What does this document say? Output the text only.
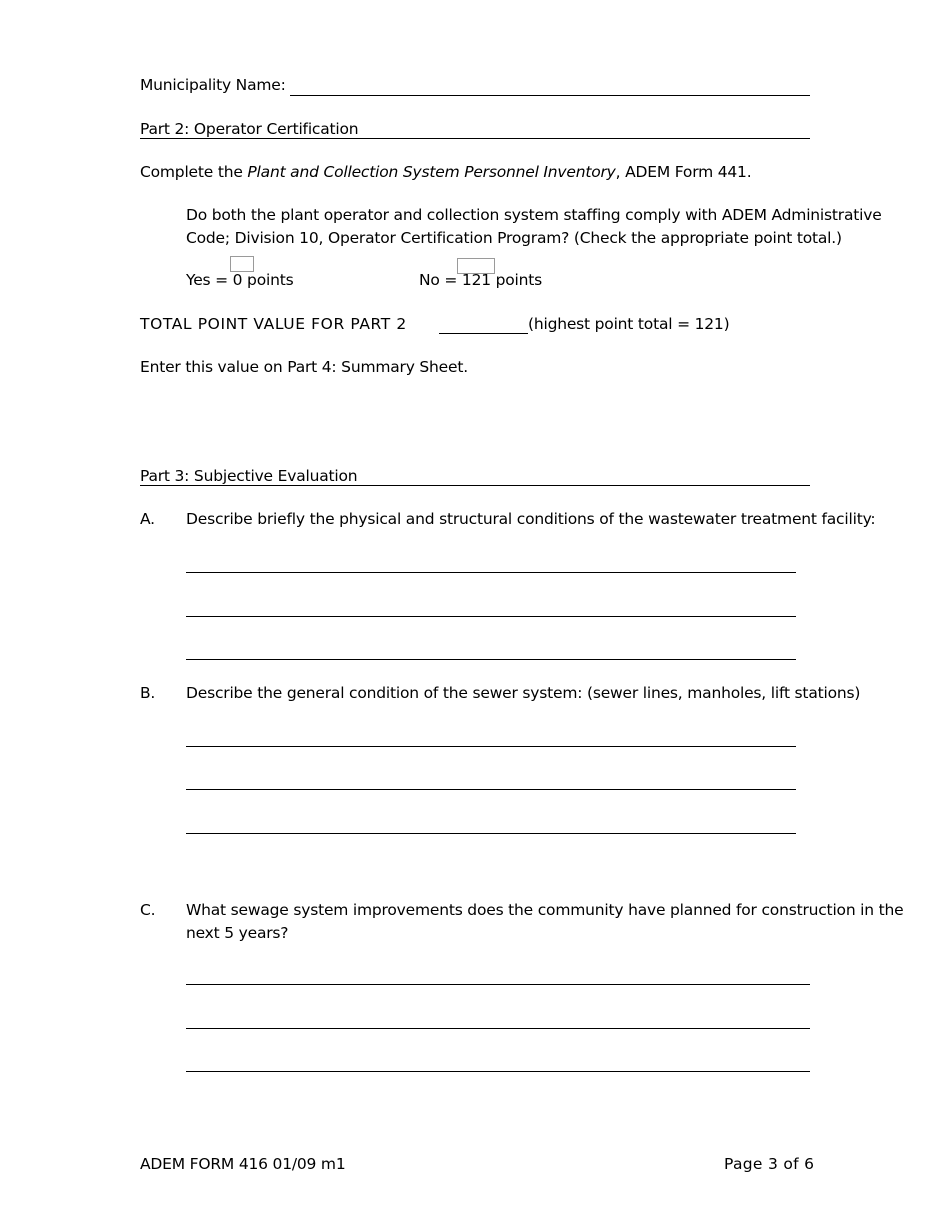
Municipality Name:
Part 2: Operator Certification
Complete the Plant and Collection System Personnel Inventory, ADEM Form 441.
Do both the plant operator and collection system staffing comply with ADEM Administrative
Code; Division 10, Operator Certification Program? (Check the appropriate point total.)
Yes = 0 points	No = 121 points
TOTAL POINT VALUE FOR PART 2	(highest point total = 121)
Enter this value on Part 4: Summary Sheet.
Part 3: Subjective Evaluation
A. Describe briefly the physical and structural conditions of the wastewater treatment facility:
B. Describe the general condition of the sewer system: (sewer lines, manholes, lift stations)
C. What sewage system improvements does the community have planned for construction in the
next 5 years?
ADEM FORM 416 01/09 m1	Page 3 of 6
